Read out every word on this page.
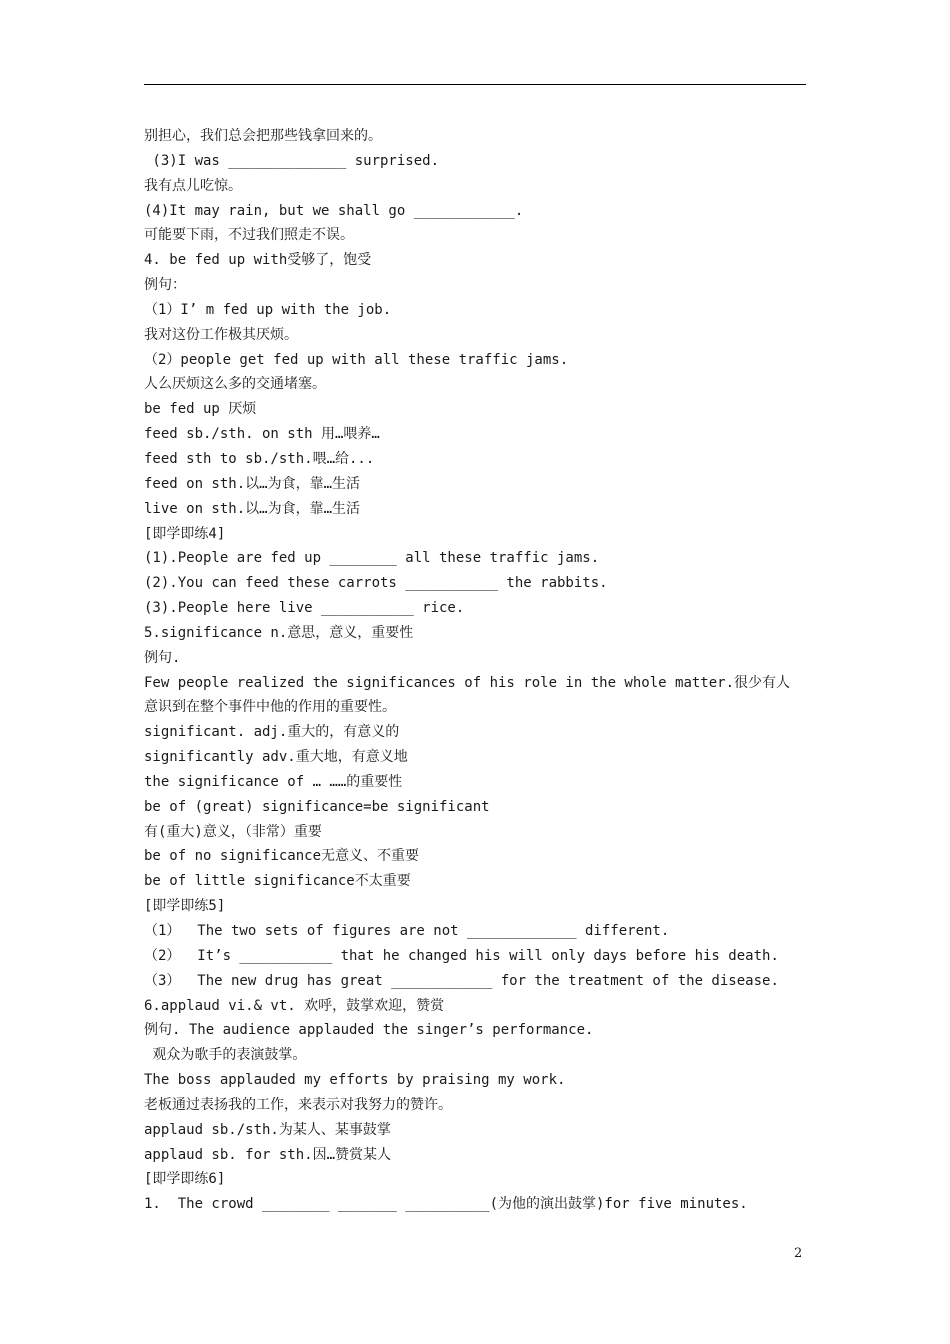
别担心，我们总会把那些钱拿回来的。
(3)I was ______________ surprised.
我有点儿吃惊。
(4)It may rain, but we shall go ____________.
可能要下雨，不过我们照走不误。
4. be fed up with受够了，饱受
例句：
（1）I’ m fed up with the job.
我对这份工作极其厌烦。
（2）people get fed up with all these traffic jams.
人么厌烦这么多的交通堵塞。
be fed up 厌烦
feed sb./sth. on sth 用…喂养…
feed sth to sb./sth.喂…给...
feed on sth.以…为食，靠…生活
live on sth.以…为食，靠…生活
[即学即练4]
(1).People are fed up ________ all these traffic jams.
(2).You can feed these carrots ___________ the rabbits.
(3).People here live ___________ rice.
5.significance n.意思，意义，重要性
例句.
Few people realized the significances of his role in the whole matter.很少有人
意识到在整个事件中他的作用的重要性。
significant. adj.重大的，有意义的
significantly adv.重大地，有意义地
the significance of … ……的重要性
be of (great) significance=be significant
有(重大)意义，（非常）重要
be of no significance无意义、不重要
be of little significance不太重要
[即学即练5]
（1）  The two sets of figures are not _____________ different.
（2）  It’s ___________ that he changed his will only days before his death.
（3）  The new drug has great ____________ for the treatment of the disease.
6.applaud vi.& vt. 欢呼，鼓掌欢迎，赞赏
例句. The audience applauded the singer’s performance.
观众为歌手的表演鼓掌。
The boss applauded my efforts by praising my work.
老板通过表扬我的工作，来表示对我努力的赞许。
applaud sb./sth.为某人、某事鼓掌
applaud sb. for sth.因…赞赏某人
[即学即练6]
1.  The crowd ________ _______ __________(为他的演出鼓掌)for five minutes.
2
